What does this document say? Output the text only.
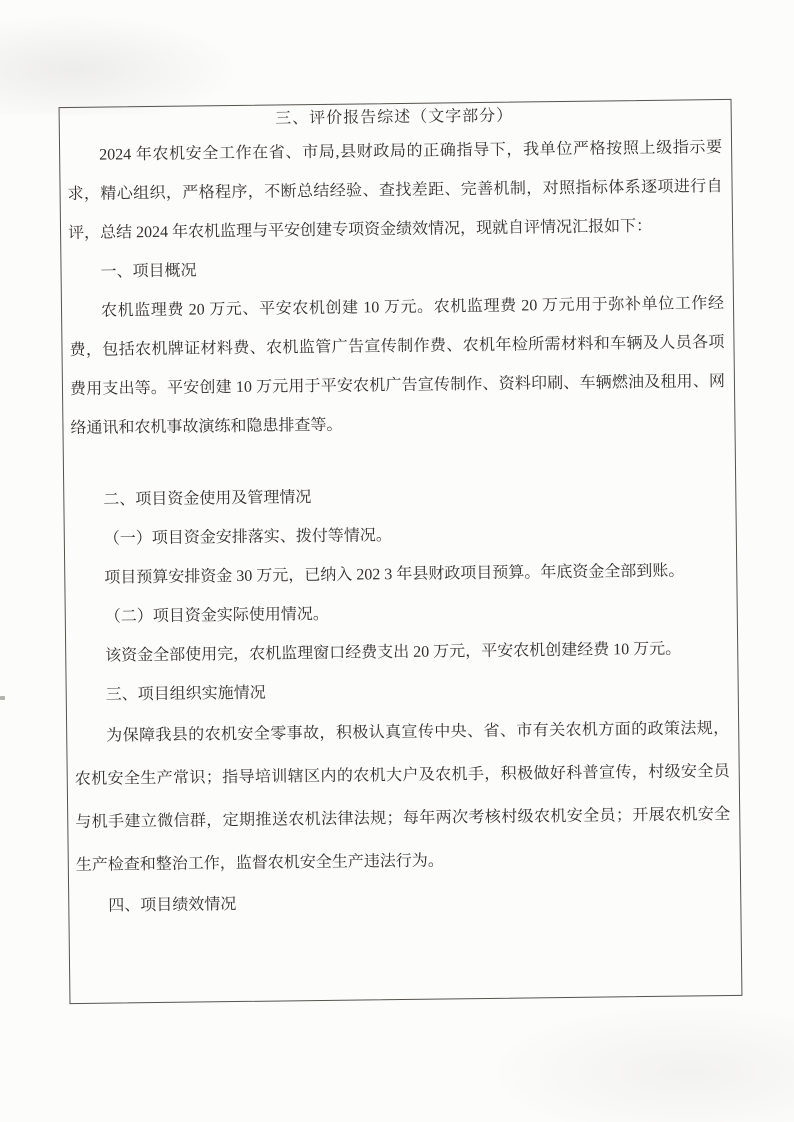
三、评价报告综述（文字部分）

2024 年农机安全工作在省、市局,县财政局的正确指导下，我单位严格按照上级指示要求，精心组织，严格程序，不断总结经验、查找差距、完善机制，对照指标体系逐项进行自评，总结 2024 年农机监理与平安创建专项资金绩效情况，现就自评情况汇报如下：

一、项目概况

农机监理费 20 万元、平安农机创建 10 万元。农机监理费 20 万元用于弥补单位工作经费，包括农机牌证材料费、农机监管广告宣传制作费、农机年检所需材料和车辆及人员各项费用支出等。平安创建 10 万元用于平安农机广告宣传制作、资料印刷、车辆燃油及租用、网络通讯和农机事故演练和隐患排查等。

二、项目资金使用及管理情况

（一）项目资金安排落实、拨付等情况。

项目预算安排资金 30 万元，已纳入 202 3 年县财政项目预算。年底资金全部到账。

（二）项目资金实际使用情况。

该资金全部使用完，农机监理窗口经费支出 20 万元，平安农机创建经费 10 万元。

三、项目组织实施情况

为保障我县的农机安全零事故，积极认真宣传中央、省、市有关农机方面的政策法规，农机安全生产常识；指导培训辖区内的农机大户及农机手，积极做好科普宣传，村级安全员与机手建立微信群，定期推送农机法律法规；每年两次考核村级农机安全员；开展农机安全生产检查和整治工作，监督农机安全生产违法行为。

四、项目绩效情况
